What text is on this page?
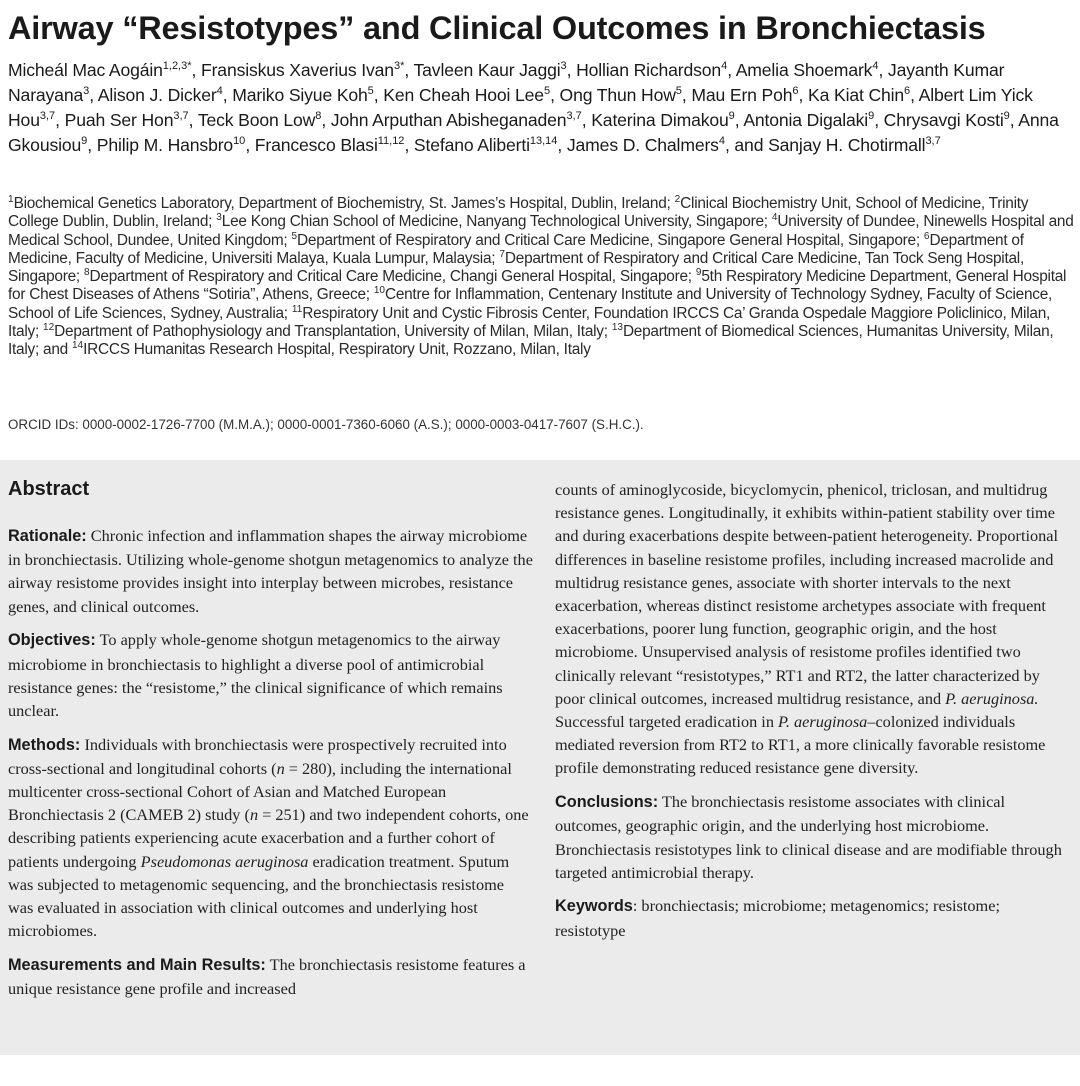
Airway “Resistotypes” and Clinical Outcomes in Bronchiectasis

Micheál Mac Aogáin$^{1,2,3*}$, Fransiskus Xaverius Ivan$^{3*}$, Tavleen Kaur Jaggi$^3$, Hollian Richardson$^4$, Amelia Shoemark$^4$, Jayanth Kumar Narayana$^3$, Alison J. Dicker$^4$, Mariko Siyue Koh$^5$, Ken Cheah Hooi Lee$^5$, Ong Thun How$^5$, Mau Ern Poh$^6$, Ka Kiat Chin$^6$, Albert Lim Yick Hou$^{3,7}$, Puah Ser Hon$^{3,7}$, Teck Boon Low$^8$, John Arputhan Abisheganaden$^{3,7}$, Katerina Dimakou$^9$, Antonia Digalaki$^9$, Chrysavgi Kosti$^9$, Anna Gkousiou$^9$, Philip M. Hansbro$^{10}$, Francesco Blasi$^{11,12}$, Stefano Aliberti$^{13,14}$, James D. Chalmers$^4$, and Sanjay H. Chotirmall$^{3,7}$

$^1$Biochemical Genetics Laboratory, Department of Biochemistry, St. James’s Hospital, Dublin, Ireland; $^2$Clinical Biochemistry Unit, School of Medicine, Trinity College Dublin, Dublin, Ireland; $^3$Lee Kong Chian School of Medicine, Nanyang Technological University, Singapore; $^4$University of Dundee, Ninewells Hospital and Medical School, Dundee, United Kingdom; $^5$Department of Respiratory and Critical Care Medicine, Singapore General Hospital, Singapore; $^6$Department of Medicine, Faculty of Medicine, Universiti Malaya, Kuala Lumpur, Malaysia; $^7$Department of Respiratory and Critical Care Medicine, Tan Tock Seng Hospital, Singapore; $^8$Department of Respiratory and Critical Care Medicine, Changi General Hospital, Singapore; $^9$5th Respiratory Medicine Department, General Hospital for Chest Diseases of Athens “Sotiria”, Athens, Greece; $^{10}$Centre for Inflammation, Centenary Institute and University of Technology Sydney, Faculty of Science, School of Life Sciences, Sydney, Australia; $^{11}$Respiratory Unit and Cystic Fibrosis Center, Foundation IRCCS Ca’ Granda Ospedale Maggiore Policlinico, Milan, Italy; $^{12}$Department of Pathophysiology and Transplantation, University of Milan, Milan, Italy; $^{13}$Department of Biomedical Sciences, Humanitas University, Milan, Italy; and $^{14}$IRCCS Humanitas Research Hospital, Respiratory Unit, Rozzano, Milan, Italy

ORCID IDs: 0000-0002-1726-7700 (M.M.A.); 0000-0001-7360-6060 (A.S.); 0000-0003-0417-7607 (S.H.C.).

Abstract

Rationale: Chronic infection and inflammation shapes the airway microbiome in bronchiectasis. Utilizing whole-genome shotgun metagenomics to analyze the airway resistome provides insight into interplay between microbes, resistance genes, and clinical outcomes.

Objectives: To apply whole-genome shotgun metagenomics to the airway microbiome in bronchiectasis to highlight a diverse pool of antimicrobial resistance genes: the “resistome,” the clinical significance of which remains unclear.

Methods: Individuals with bronchiectasis were prospectively recruited into cross-sectional and longitudinal cohorts (n = 280), including the international multicenter cross-sectional Cohort of Asian and Matched European Bronchiectasis 2 (CAMEB 2) study (n = 251) and two independent cohorts, one describing patients experiencing acute exacerbation and a further cohort of patients undergoing Pseudomonas aeruginosa eradication treatment. Sputum was subjected to metagenomic sequencing, and the bronchiectasis resistome was evaluated in association with clinical outcomes and underlying host microbiomes.

Measurements and Main Results: The bronchiectasis resistome features a unique resistance gene profile and increased

counts of aminoglycoside, bicyclomycin, phenicol, triclosan, and multidrug resistance genes. Longitudinally, it exhibits within-patient stability over time and during exacerbations despite between-patient heterogeneity. Proportional differences in baseline resistome profiles, including increased macrolide and multidrug resistance genes, associate with shorter intervals to the next exacerbation, whereas distinct resistome archetypes associate with frequent exacerbations, poorer lung function, geographic origin, and the host microbiome. Unsupervised analysis of resistome profiles identified two clinically relevant “resistotypes,” RT1 and RT2, the latter characterized by poor clinical outcomes, increased multidrug resistance, and P. aeruginosa. Successful targeted eradication in P. aeruginosa–colonized individuals mediated reversion from RT2 to RT1, a more clinically favorable resistome profile demonstrating reduced resistance gene diversity.

Conclusions: The bronchiectasis resistome associates with clinical outcomes, geographic origin, and the underlying host microbiome. Bronchiectasis resistotypes link to clinical disease and are modifiable through targeted antimicrobial therapy.

Keywords: bronchiectasis; microbiome; metagenomics; resistome; resistotype
